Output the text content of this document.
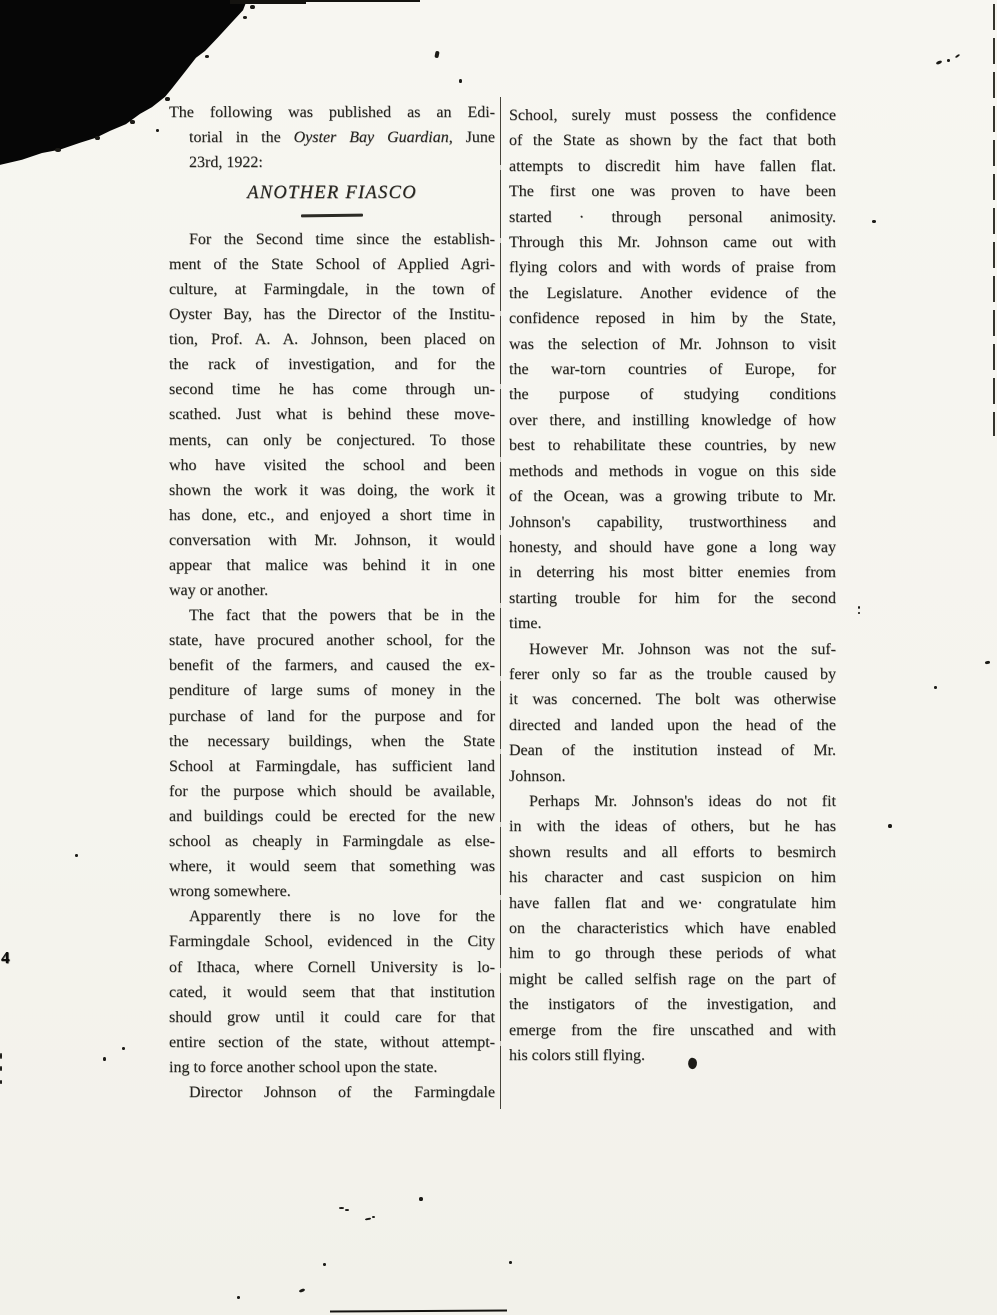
4
The following was published as an Edi-
torial in the Oyster Bay Guardian, June
23rd, 1922:
ANOTHER FIASCO
For the Second time since the establish-
ment of the State School of Applied Agri-
culture, at Farmingdale, in the town of
Oyster Bay, has the Director of the Institu-
tion, Prof. A. A. Johnson, been placed on
the rack of investigation, and for the
second time he has come through un-
scathed. Just what is behind these move-
ments, can only be conjectured. To those
who have visited the school and been
shown the work it was doing, the work it
has done, etc., and enjoyed a short time in
conversation with Mr. Johnson, it would
appear that malice was behind it in one
way or another.
The fact that the powers that be in the
state, have procured another school, for the
benefit of the farmers, and caused the ex-
penditure of large sums of money in the
purchase of land for the purpose and for
the necessary buildings, when the State
School at Farmingdale, has sufficient land
for the purpose which should be available,
and buildings could be erected for the new
school as cheaply in Farmingdale as else-
where, it would seem that something was
wrong somewhere.
Apparently there is no love for the
Farmingdale School, evidenced in the City
of Ithaca, where Cornell University is lo-
cated, it would seem that that institution
should grow until it could care for that
entire section of the state, without attempt-
ing to force another school upon the state.
Director Johnson of the Farmingdale
School, surely must possess the confidence
of the State as shown by the fact that both
attempts to discredit him have fallen flat.
The first one was proven to have been
started · through personal animosity.
Through this Mr. Johnson came out with
flying colors and with words of praise from
the Legislature. Another evidence of the
confidence reposed in him by the State,
was the selection of Mr. Johnson to visit
the war-torn countries of Europe, for
the purpose of studying conditions
over there, and instilling knowledge of how
best to rehabilitate these countries, by new
methods and methods in vogue on this side
of the Ocean, was a growing tribute to Mr.
Johnson's capability, trustworthiness and
honesty, and should have gone a long way
in deterring his most bitter enemies from
starting trouble for him for the second
time.
However Mr. Johnson was not the suf-
ferer only so far as the trouble caused by
it was concerned. The bolt was otherwise
directed and landed upon the head of the
Dean of the institution instead of Mr.
Johnson.
Perhaps Mr. Johnson's ideas do not fit
in with the ideas of others, but he has
shown results and all efforts to besmirch
his character and cast suspicion on him
have fallen flat and we· congratulate him
on the characteristics which have enabled
him to go through these periods of what
might be called selfish rage on the part of
the instigators of the investigation, and
emerge from the fire unscathed and with
his colors still flying.
